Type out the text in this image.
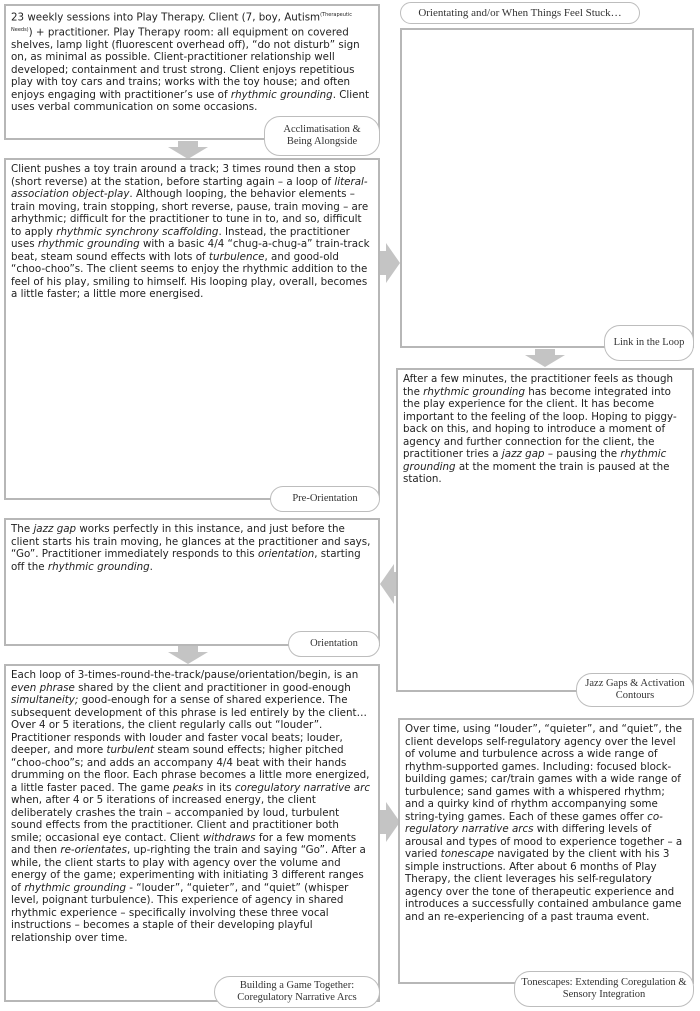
23 weekly sessions into Play Therapy. Client (7, boy, Autism$^{(Therapeutic Needs)}$) + practitioner. Play Therapy room: all equipment on covered shelves, lamp light (fluorescent overhead off), “do not disturb” sign on, as minimal as possible. Client-practitioner relationship well developed; containment and trust strong. Client enjoys repetitious play with toy cars and trains; works with the toy house; and often enjoys engaging with practitioner’s use of rhythmic grounding. Client uses verbal communication on some occasions.

Acclimatisation & Being Alongside

Client pushes a toy train around a track; 3 times round then a stop (short reverse) at the station, before starting again – a loop of literal-association object-play. Although looping, the behavior elements – train moving, train stopping, short reverse, pause, train moving – are arhythmic; difficult for the practitioner to tune in to, and so, difficult to apply rhythmic synchrony scaffolding. Instead, the practitioner uses rhythmic grounding with a basic 4/4 “chug-a-chug-a” train-track beat, steam sound effects with lots of turbulence, and good-old “choo-choo”s. The client seems to enjoy the rhythmic addition to the feel of his play, smiling to himself. His looping play, overall, becomes a little faster; a little more energised.

Pre-Orientation

The jazz gap works perfectly in this instance, and just before the client starts his train moving, he glances at the practitioner and says, “Go”. Practitioner immediately responds to this orientation, starting off the rhythmic grounding.

Orientation

Each loop of 3-times-round-the-track/pause/orientation/begin, is an even phrase shared by the client and practitioner in good-enough simultaneity; good-enough for a sense of shared experience. The subsequent development of this phrase is led entirely by the client… Over 4 or 5 iterations, the client regularly calls out “louder”. Practitioner responds with louder and faster vocal beats; louder, deeper, and more turbulent steam sound effects; higher pitched “choo-choo”s; and adds an accompany 4/4 beat with their hands drumming on the floor. Each phrase becomes a little more energized, a little faster paced. The game peaks in its coregulatory narrative arc when, after 4 or 5 iterations of increased energy, the client deliberately crashes the train – accompanied by loud, turbulent sound effects from the practitioner. Client and practitioner both smile; occasional eye contact. Client withdraws for a few moments and then re-orientates, up-righting the train and saying “Go”. After a while, the client starts to play with agency over the volume and energy of the game; experimenting with initiating 3 different ranges of rhythmic grounding - “louder”, “quieter”, and “quiet” (whisper level, poignant turbulence). This experience of agency in shared rhythmic experience – specifically involving these three vocal instructions – becomes a staple of their developing playful relationship over time.

Building a Game Together: Coregulatory Narrative Arcs
Orientating and/or When Things Feel Stuck…
Link in the Loop

After a few minutes, the practitioner feels as though the rhythmic grounding has become integrated into the play experience for the client. It has become important to the feeling of the loop. Hoping to piggy-back on this, and hoping to introduce a moment of agency and further connection for the client, the practitioner tries a jazz gap – pausing the rhythmic grounding at the moment the train is paused at the station.

Jazz Gaps & Activation Contours

Over time, using “louder”, “quieter”, and “quiet”, the client develops self-regulatory agency over the level of volume and turbulence across a wide range of rhythm-supported games. Including: focused block-building games; car/train games with a wide range of turbulence; sand games with a whispered rhythm; and a quirky kind of rhythm accompanying some string-tying games. Each of these games offer co-regulatory narrative arcs with differing levels of arousal and types of mood to experience together – a varied tonescape navigated by the client with his 3 simple instructions. After about 6 months of Play Therapy, the client leverages his self-regulatory agency over the tone of therapeutic experience and introduces a successfully contained ambulance game and an re-experiencing of a past trauma event.

Tonescapes: Extending Coregulation & Sensory Integration
